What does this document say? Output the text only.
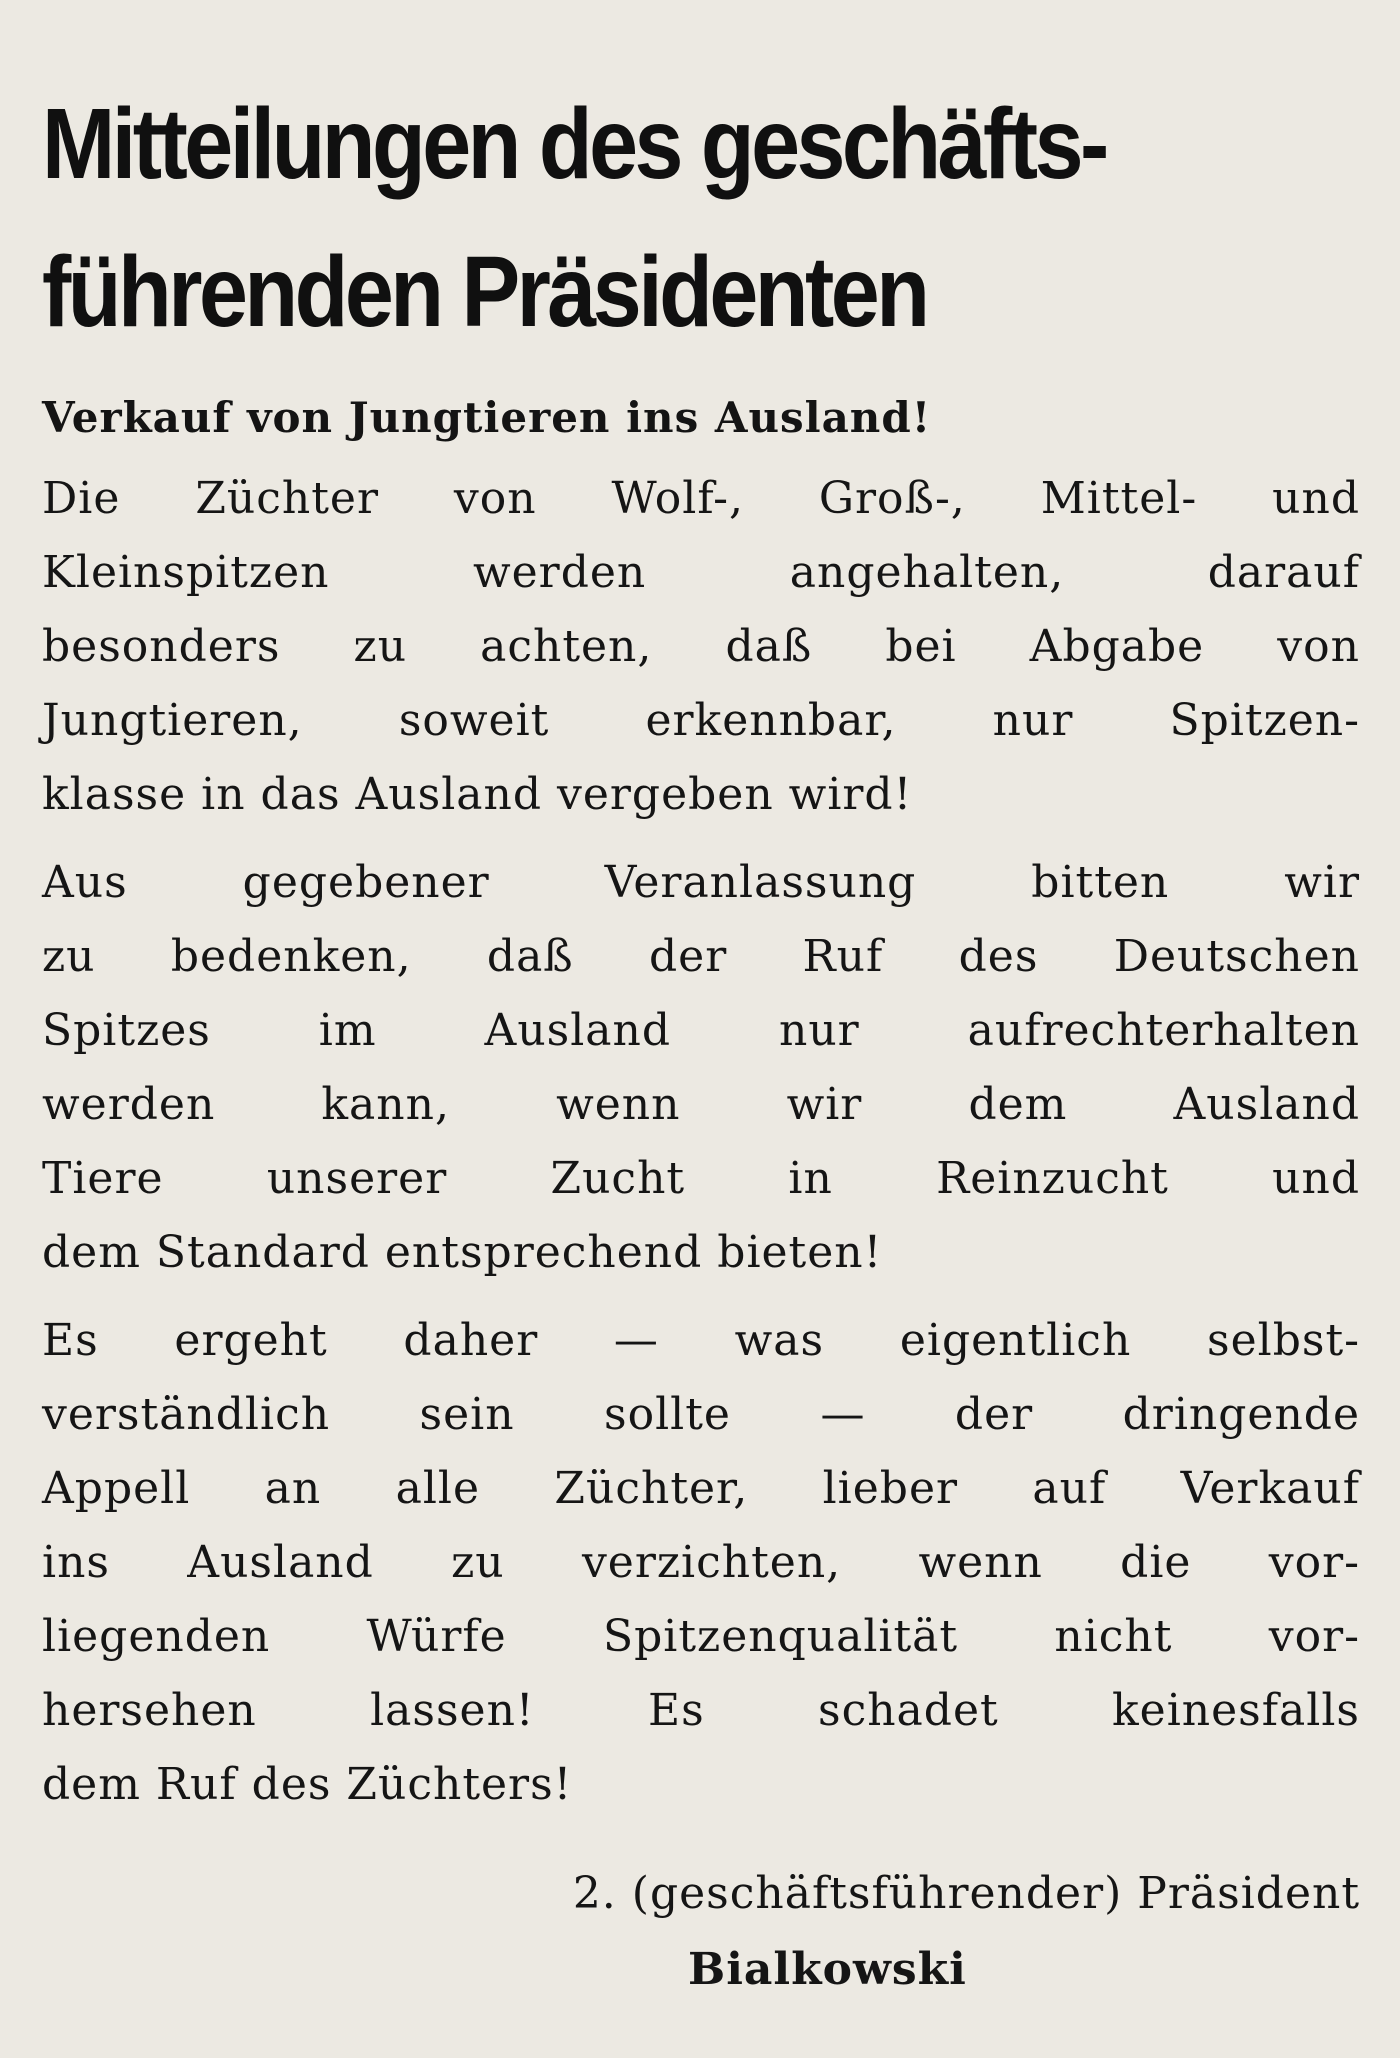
Mitteilungen des geschäfts-
führenden Präsidenten
Verkauf von Jungtieren ins Ausland!
Die Züchter von Wolf-, Groß-, Mittel- und
Kleinspitzen werden angehalten, darauf
besonders zu achten, daß bei Abgabe von
Jungtieren, soweit erkennbar, nur Spitzen-
klasse in das Ausland vergeben wird!
Aus gegebener Veranlassung bitten wir
zu bedenken, daß der Ruf des Deutschen
Spitzes im Ausland nur aufrechterhalten
werden kann, wenn wir dem Ausland
Tiere unserer Zucht in Reinzucht und
dem Standard entsprechend bieten!
Es ergeht daher — was eigentlich selbst-
verständlich sein sollte — der dringende
Appell an alle Züchter, lieber auf Verkauf
ins Ausland zu verzichten, wenn die vor-
liegenden Würfe Spitzenqualität nicht vor-
hersehen lassen! Es schadet keinesfalls
dem Ruf des Züchters!
2. (geschäftsführender) Präsident
Bialkowski
